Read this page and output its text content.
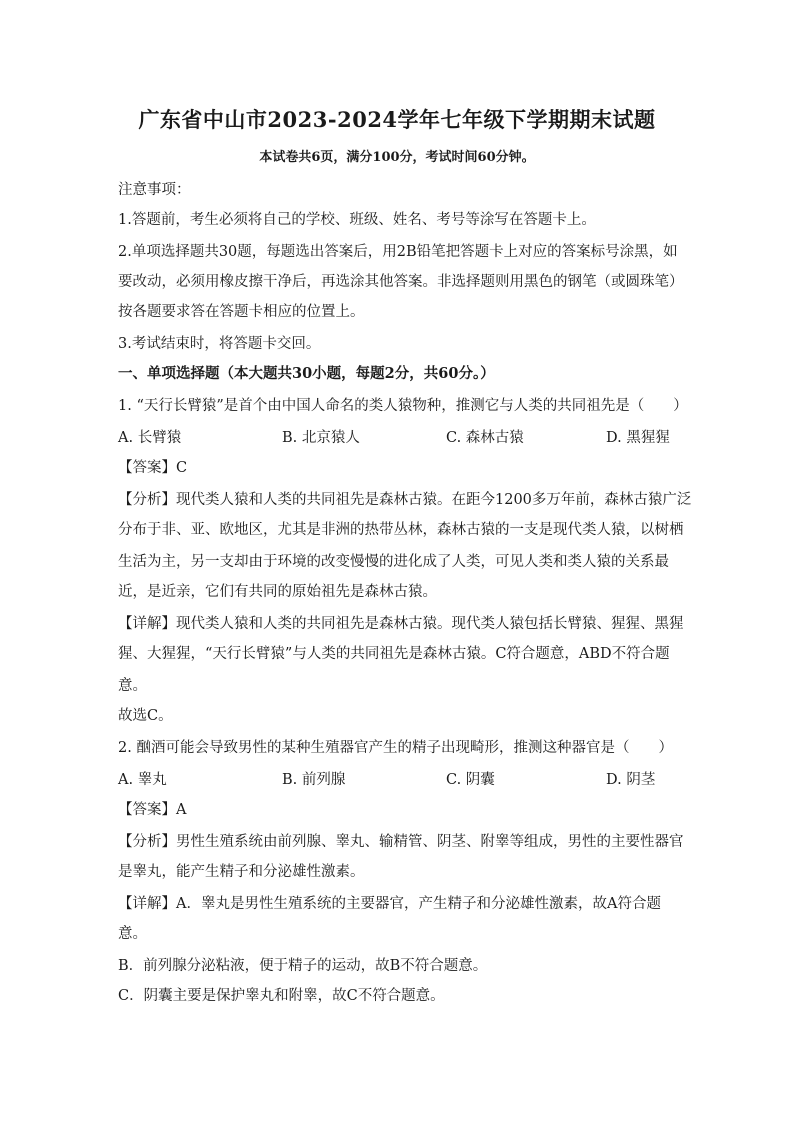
广东省中山市2023-2024学年七年级下学期期末试题
本试卷共6页，满分100分，考试时间60分钟。
注意事项：
1.答题前，考生必须将自己的学校、班级、姓名、考号等涂写在答题卡上。
2.单项选择题共30题，每题选出答案后，用2B铅笔把答题卡上对应的答案标号涂黑，如
要改动，必须用橡皮擦干净后，再选涂其他答案。非选择题则用黑色的钢笔（或圆珠笔）
按各题要求答在答题卡相应的位置上。
3.考试结束时，将答题卡交回。
一、单项选择题（本大题共30小题，每题2分，共60分。）
1. “天行长臂猿”是首个由中国人命名的类人猿物种，推测它与人类的共同祖先是（　　）
A. 长臂猿	B. 北京猿人	C. 森林古猿	D. 黑猩猩
【答案】C
【分析】现代类人猿和人类的共同祖先是森林古猿。在距今1200多万年前，森林古猿广泛
分布于非、亚、欧地区，尤其是非洲的热带丛林，森林古猿的一支是现代类人猿，以树栖
生活为主，另一支却由于环境的改变慢慢的进化成了人类，可见人类和类人猿的关系最
近，是近亲，它们有共同的原始祖先是森林古猿。
【详解】现代类人猿和人类的共同祖先是森林古猿。现代类人猿包括长臂猿、猩猩、黑猩
猩、大猩猩，“天行长臂猿”与人类的共同祖先是森林古猿。C符合题意，ABD不符合题
意。
故选C。
2. 酗酒可能会导致男性的某种生殖器官产生的精子出现畸形，推测这种器官是（　　）
A. 睾丸	B. 前列腺	C. 阴囊	D. 阴茎
【答案】A
【分析】男性生殖系统由前列腺、睾丸、输精管、阴茎、附睾等组成，男性的主要性器官
是睾丸，能产生精子和分泌雄性激素。
【详解】A．睾丸是男性生殖系统的主要器官，产生精子和分泌雄性激素，故A符合题
意。
B．前列腺分泌粘液，便于精子的运动，故B不符合题意。
C．阴囊主要是保护睾丸和附睾，故C不符合题意。
